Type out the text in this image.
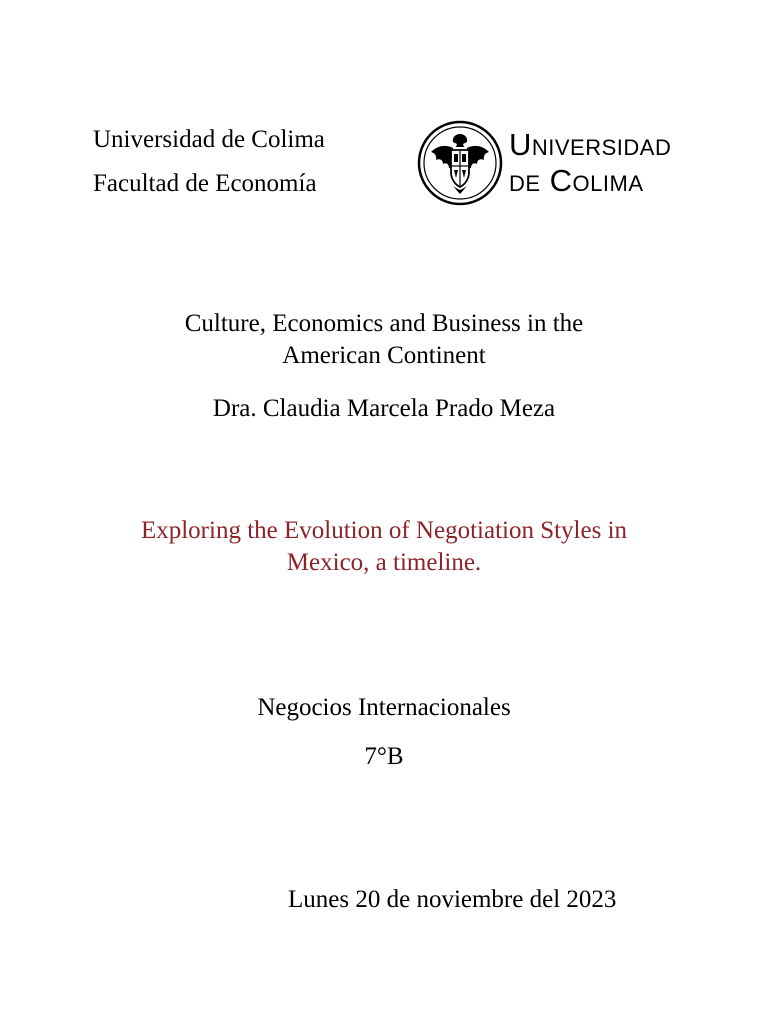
Universidad de Colima
Facultad de Economía
Universidad
de Colima
Culture, Economics and Business in the
American Continent
Dra. Claudia Marcela Prado Meza
Exploring the Evolution of Negotiation Styles in
Mexico, a timeline.
Negocios Internacionales
7°B
Lunes 20 de noviembre del 2023
